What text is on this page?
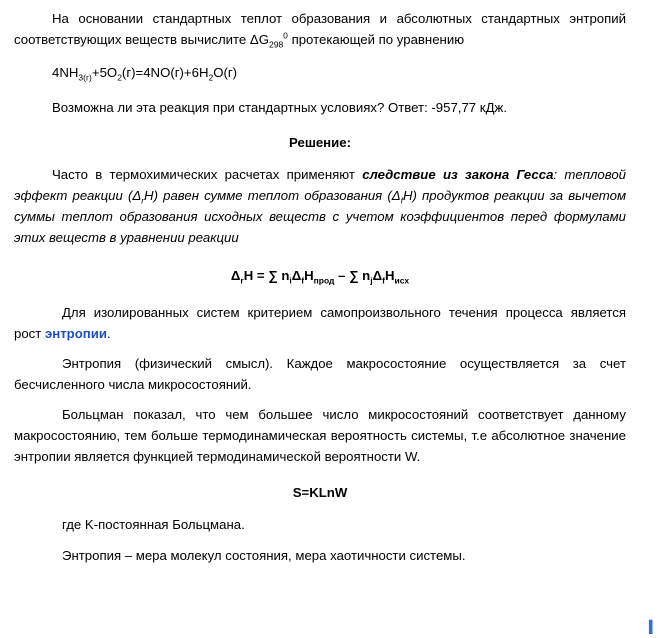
На основании стандартных теплот образования и абсолютных стандартных энтропий соответствующих веществ вычислите $\Delta G_{298}^0$ протекающей по уравнению

$4NH_{3(г)}+5O_2(г)=4NO(г)+6H_2O(г)$

Возможна ли эта реакция при стандартных условиях? Ответ: -957,77 кДж.

Решение:

Часто в термохимических расчетах применяют следствие из закона Гесса: тепловой эффект реакции $(\Delta_rH)$ равен сумме теплот образования $(\Delta_fH)$ продуктов реакции за вычетом суммы теплот образования исходных веществ с учетом коэффициентов перед формулами этих веществ в уравнении реакции

$\Delta_rH$ = ∑ $n_i\Delta_fH_{прод}$ – ∑ $n_j\Delta_fH_{исх}$

Для изолированных систем критерием самопроизвольного течения процесса является рост энтропии.

Энтропия (физический смысл). Каждое макросостояние осуществляется за счет бесчисленного числа микросостояний.

Больцман показал, что чем большее число микросостояний соответствует данному макросостоянию, тем больше термодинамическая вероятность системы, т.е абсолютное значение энтропии является функцией термодинамической вероятности W.

S=KLnW

где K-постоянная Больцмана.

Энтропия – мера молекул состояния, мера хаотичности системы.

▍
